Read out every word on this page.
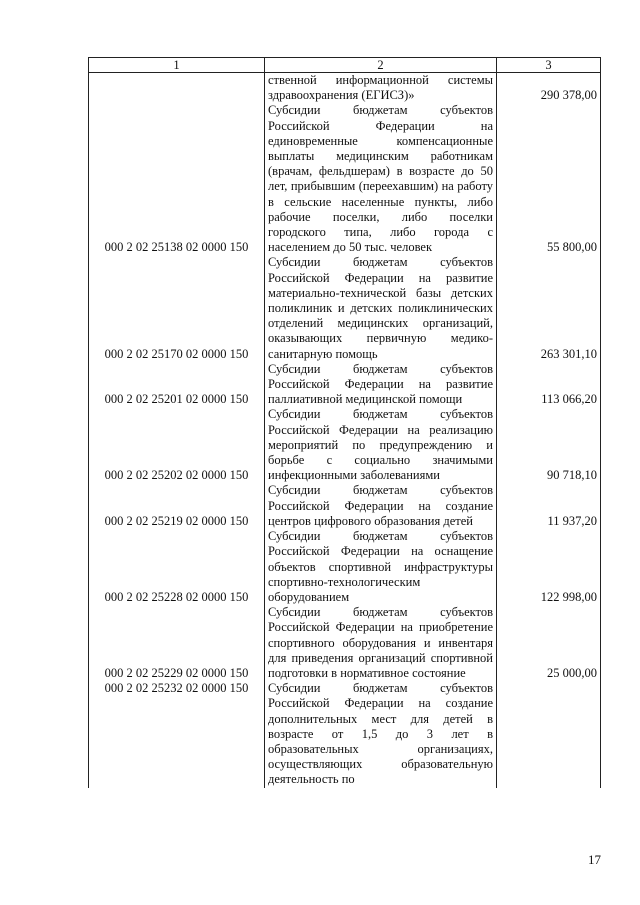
1	2	3
	ственной информационной системы здравоохранения (ЕГИСЗ)»	290 378,00
000 2 02 25138 02 0000 150	Субсидии бюджетам субъектов Российской Федерации на единовременные компенсационные выплаты медицинским работникам (врачам, фельдшерам) в возрасте до 50 лет, прибывшим (переехавшим) на работу в сельские населенные пункты, либо рабочие поселки, либо поселки городского типа, либо города с населением до 50 тыс. человек	55 800,00
000 2 02 25170 02 0000 150	Субсидии бюджетам субъектов Российской Федерации на развитие материально-технической базы детских поликлиник и детских поликлинических отделений медицинских организаций, оказывающих первичную медико-санитарную помощь	263 301,10
000 2 02 25201 02 0000 150	Субсидии бюджетам субъектов Российской Федерации на развитие паллиативной медицинской помощи	113 066,20
000 2 02 25202 02 0000 150	Субсидии бюджетам субъектов Российской Федерации на реализацию мероприятий по предупреждению и борьбе с социально значимыми инфекционными заболеваниями	90 718,10
000 2 02 25219 02 0000 150	Субсидии бюджетам субъектов Российской Федерации на создание центров цифрового образования детей	11 937,20
000 2 02 25228 02 0000 150	Субсидии бюджетам субъектов Российской Федерации на оснащение объектов спортивной инфраструктуры спортивно-технологическим оборудованием	122 998,00
000 2 02 25229 02 0000 150	Субсидии бюджетам субъектов Российской Федерации на приобретение спортивного оборудования и инвентаря для приведения организаций спортивной подготовки в нормативное состояние	25 000,00
000 2 02 25232 02 0000 150	Субсидии бюджетам субъектов Российской Федерации на создание дополнительных мест для детей в возрасте от 1,5 до 3 лет в образовательных организациях, осуществляющих образовательную деятельность по	
17
